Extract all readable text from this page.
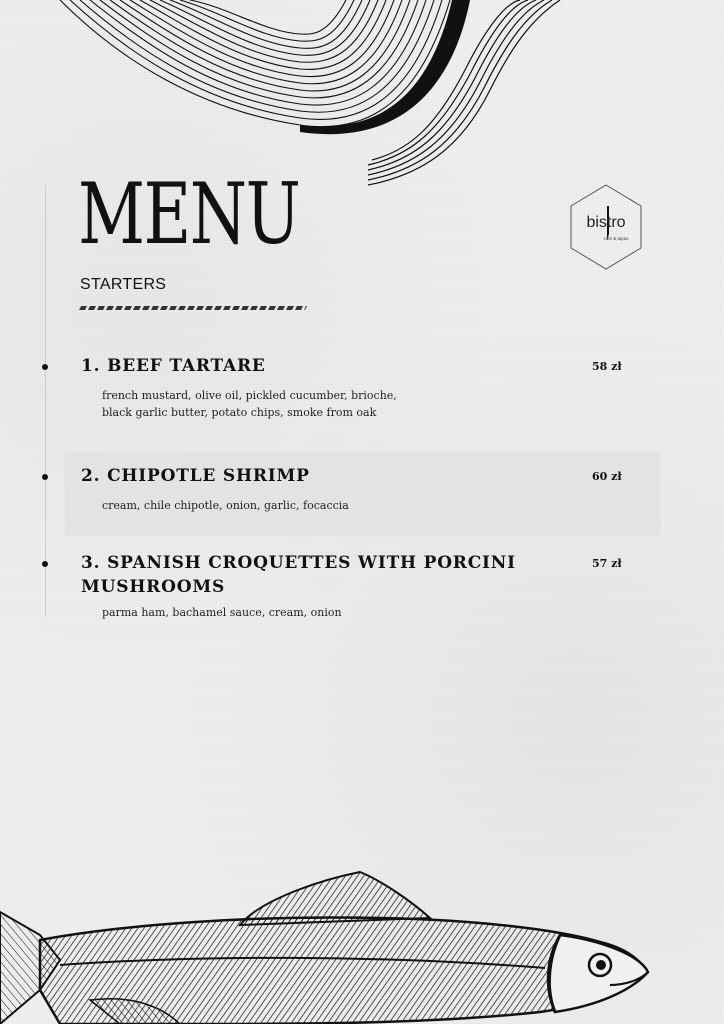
MENU
STARTERS
bistro
cafe & tapas
1. BEEF TARTARE	58 zł
french mustard, olive oil, pickled cucumber, brioche, black garlic butter, potato chips, smoke from oak
2. CHIPOTLE SHRIMP	60 zł
cream, chile chipotle, onion, garlic, focaccia
3. SPANISH CROQUETTES WITH PORCINI MUSHROOMS
57 zł
parma ham, bachamel sauce, cream, onion
